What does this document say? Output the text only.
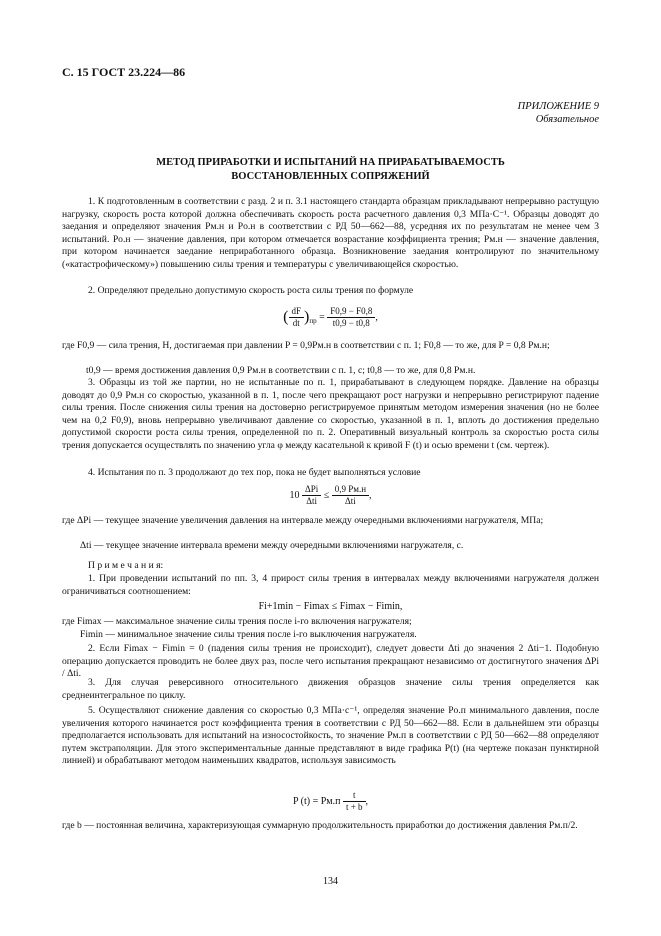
С. 15 ГОСТ 23.224—86
ПРИЛОЖЕНИЕ 9
Обязательное
МЕТОД ПРИРАБОТКИ И ИСПЫТАНИЙ НА ПРИРАБАТЫВАЕМОСТЬ
ВОССТАНОВЛЕННЫХ СОПРЯЖЕНИЙ
1. К подготовленным в соответствии с разд. 2 и п. 3.1 настоящего стандарта образцам прикладывают непрерывно растущую нагрузку, скорость роста которой должна обеспечивать скорость роста расчетного давления 0,3 МПа·С⁻¹. Образцы доводят до заедания и определяют значения Pм.н и Pо.н в соответствии с РД 50—662—88, усредняя их по результатам не менее чем 3 испытаний. Pо.н — значение давления, при котором отмечается возрастание коэффициента трения; Pм.н — значение давления, при котором начинается заедание неприработанного образца. Возникновение заедания контролируют по значительному («катастрофическому») повышению силы трения и температуры с увеличивающейся скоростью.
2. Определяют предельно допустимую скорость роста силы трения по формуле
( $\frac{dF}{dt} )_{пр} = \frac{F0,9 - F0,8}{t0,9 - t0,8}$ ,
где F0,9 — сила трения, Н, достигаемая при давлении P = 0,9Pм.н в соответствии с п. 1; F0,8 — то же, для P = 0,8 Pм.н;
t0,9 — время достижения давления 0,9 Pм.н в соответствии с п. 1, с; t0,8 — то же, для 0,8 Pм.н.
3. Образцы из той же партии, но не испытанные по п. 1, прирабатывают в следующем порядке. Давление на образцы доводят до 0,9 Pм.н со скоростью, указанной в п. 1, после чего прекращают рост нагрузки и непрерывно регистрируют падение силы трения. После снижения силы трения на достоверно регистрируемое принятым методом измерения значения (но не более чем на 0,2 F0,9), вновь непрерывно увеличивают давление со скоростью, указанной в п. 1, вплоть до достижения предельно допустимой скорости роста силы трения, определенной по п. 2. Оперативный визуальный контроль за скоростью роста силы трения допускается осуществлять по значению угла φ между касательной к кривой F (t) и осью времени t (см. чертеж).
4. Испытания по п. 3 продолжают до тех пор, пока не будет выполняться условие
$10 \frac{\text{ΔPi}}{\text{Δti}} \le \frac{0,9 Pм.н}{\text{Δti}}$ ,
где ΔPi — текущее значение увеличения давления на интервале между очередными включениями нагружателя, МПа;
Δti — текущее значение интервала времени между очередными включениями нагружателя, с.
П р и м е ч а н и я:
1. При проведении испытаний по пп. 3, 4 прирост силы трения в интервалах между включениями нагружателя должен ограничиваться соотношением:
Fi+1min − Fimax ≤ Fimax − Fimin,
где Fimax — максимальное значение силы трения после i-го включения нагружателя;
Fimin — минимальное значение силы трения после i-го выключения нагружателя.
2. Если Fimax − Fimin = 0 (падения силы трения не происходит), следует довести Δti до значения 2 Δti−1. Подобную операцию допускается проводить не более двух раз, после чего испытания прекращают независимо от достигнутого значения ΔPi / Δti.
3. Для случая реверсивного относительного движения образцов значение силы трения определяется как среднеинтегральное по циклу.
5. Осуществляют снижение давления со скоростью 0,3 МПа·с⁻¹, определяя значение Pо.п минимального давления, после увеличения которого начинается рост коэффициента трения в соответствии с РД 50—662—88. Если в дальнейшем эти образцы предполагается использовать для испытаний на износостойкость, то значение Pм.п в соответствии с РД 50—662—88 определяют путем экстраполяции. Для этого экспериментальные данные представляют в виде графика P(t) (на чертеже показан пунктирной линией) и обрабатывают методом наименьших квадратов, используя зависимость
P $(t) = Pм.п \frac{t}{t + b}$ ,
где b — постоянная величина, характеризующая суммарную продолжительность приработки до достижения давления Pм.п/2.
134
